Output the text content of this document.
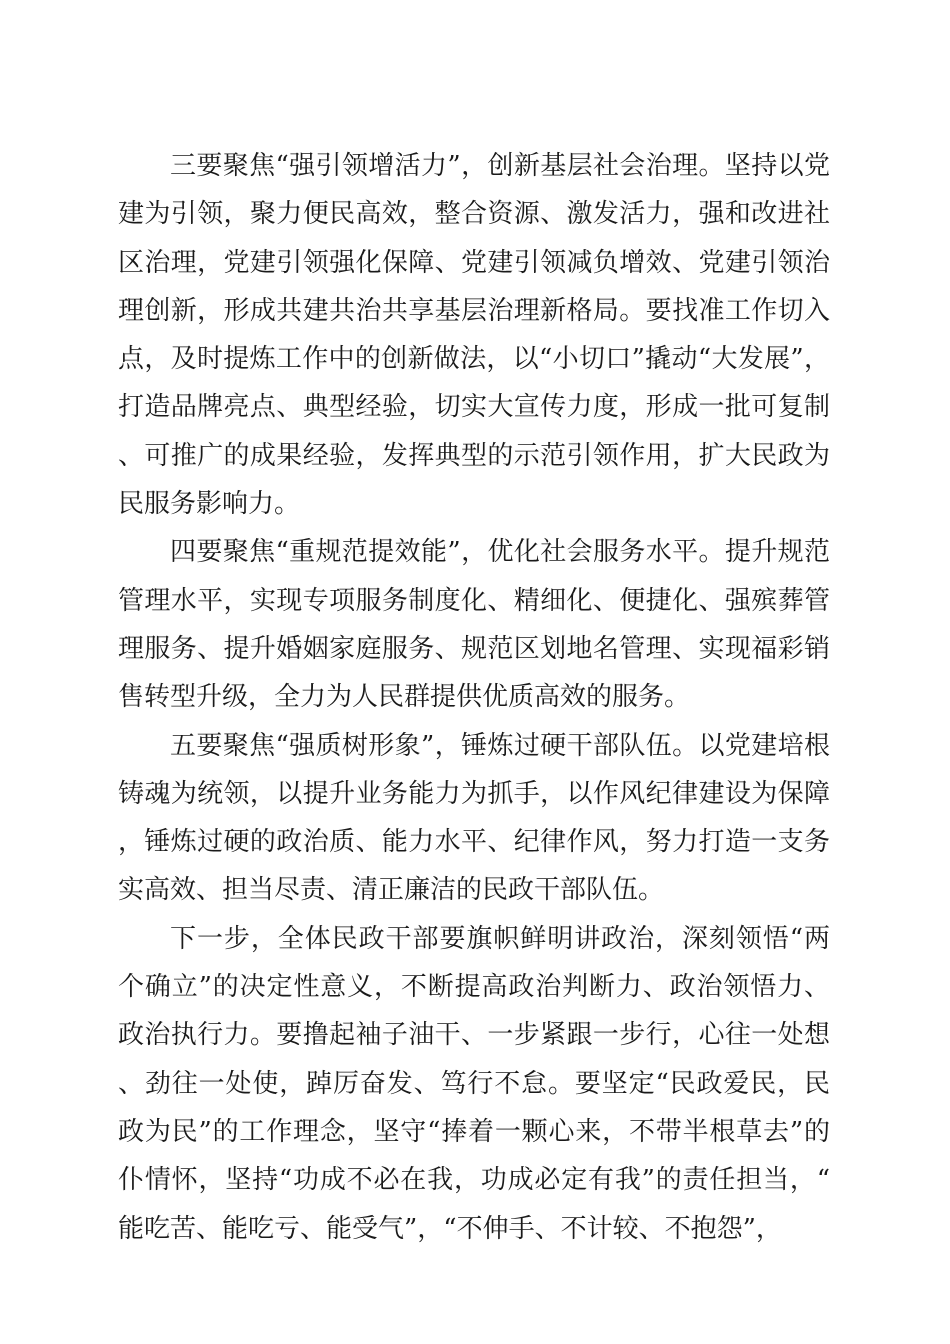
三要聚焦“强引领增活力”，创新基层社会治理。坚持以党建为引领，聚力便民高效，整合资源、激发活力，强和改进社区治理，党建引领强化保障、党建引领减负增效、党建引领治理创新，形成共建共治共享基层治理新格局。要找准工作切入点，及时提炼工作中的创新做法，以“小切口”撬动“大发展”，打造品牌亮点、典型经验，切实大宣传力度，形成一批可复制、可推广的成果经验，发挥典型的示范引领作用，扩大民政为民服务影响力。

四要聚焦“重规范提效能”，优化社会服务水平。提升规范管理水平，实现专项服务制度化、精细化、便捷化、强殡葬管理服务、提升婚姻家庭服务、规范区划地名管理、实现福彩销售转型升级，全力为人民群提供优质高效的服务。

五要聚焦“强质树形象”，锤炼过硬干部队伍。以党建培根铸魂为统领，以提升业务能力为抓手，以作风纪律建设为保障，锤炼过硬的政治质、能力水平、纪律作风，努力打造一支务实高效、担当尽责、清正廉洁的民政干部队伍。

下一步，全体民政干部要旗帜鲜明讲政治，深刻领悟“两个确立”的决定性意义，不断提高政治判断力、政治领悟力、政治执行力。要撸起袖子油干、一步紧跟一步行，心往一处想、劲往一处使，踔厉奋发、笃行不怠。要坚定“民政爱民，民政为民”的工作理念，坚守“捧着一颗心来，不带半根草去”的仆情怀，坚持“功成不必在我，功成必定有我”的责任担当，“能吃苦、能吃亏、能受气”，“不伸手、不计较、不抱怨”，
